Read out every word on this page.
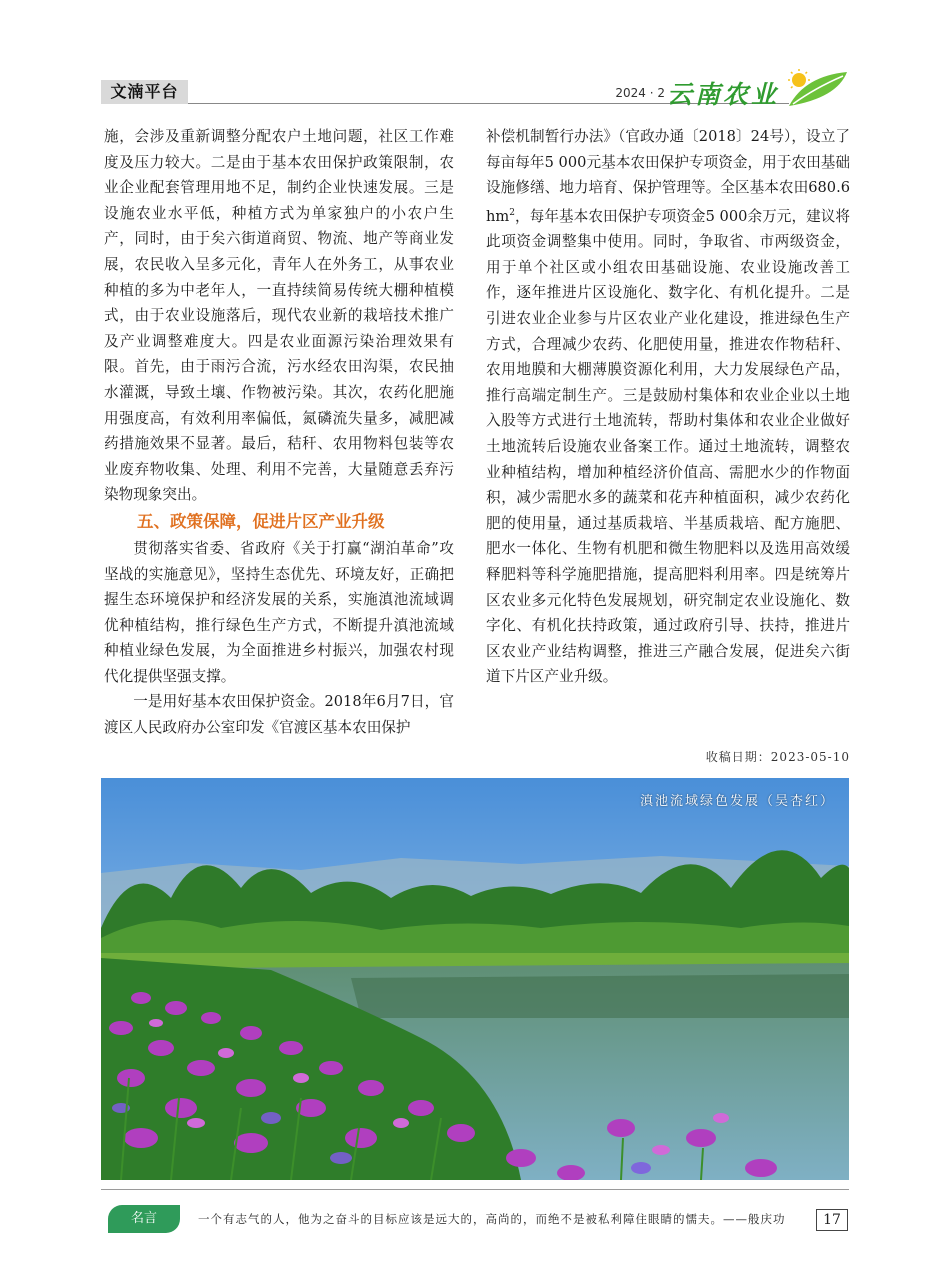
文湳平台	2024 · 2 云南农业

施，会涉及重新调整分配农户土地问题，社区工作难度及压力较大。二是由于基本农田保护政策限制，农业企业配套管理用地不足，制约企业快速发展。三是设施农业水平低，种植方式为单家独户的小农户生产，同时，由于矣六街道商贸、物流、地产等商业发展，农民收入呈多元化，青年人在外务工，从事农业种植的多为中老年人，一直持续简易传统大棚种植模式，由于农业设施落后，现代农业新的栽培技术推广及产业调整难度大。四是农业面源污染治理效果有限。首先，由于雨污合流，污水经农田沟渠，农民抽水灌溉，导致土壤、作物被污染。其次，农药化肥施用强度高，有效利用率偏低，氮磷流失量多，减肥减药措施效果不显著。最后，秸秆、农用物料包装等农业废弃物收集、处理、利用不完善，大量随意丢弃污染物现象突出。

五、政策保障，促进片区产业升级

贯彻落实省委、省政府《关于打赢“湖泊革命”攻坚战的实施意见》，坚持生态优先、环境友好，正确把握生态环境保护和经济发展的关系，实施滇池流域调优种植结构，推行绿色生产方式，不断提升滇池流域种植业绿色发展，为全面推进乡村振兴，加强农村现代化提供坚强支撑。

一是用好基本农田保护资金。2018年6月7日，官渡区人民政府办公室印发《官渡区基本农田保护

补偿机制暂行办法》（官政办通〔2018〕24号），设立了每亩每年5 000元基本农田保护专项资金，用于农田基础设施修缮、地力培育、保护管理等。全区基本农田680.6 $hm^2$，每年基本农田保护专项资金5 000余万元，建议将此项资金调整集中使用。同时，争取省、市两级资金，用于单个社区或小组农田基础设施、农业设施改善工作，逐年推进片区设施化、数字化、有机化提升。二是引进农业企业参与片区农业产业化建设，推进绿色生产方式，合理减少农药、化肥使用量，推进农作物秸秆、农用地膜和大棚薄膜资源化利用，大力发展绿色产品，推行高端定制生产。三是鼓励村集体和农业企业以土地入股等方式进行土地流转，帮助村集体和农业企业做好土地流转后设施农业备案工作。通过土地流转，调整农业种植结构，增加种植经济价值高、需肥水少的作物面积，减少需肥水多的蔬菜和花卉种植面积，减少农药化肥的使用量，通过基质栽培、半基质栽培、配方施肥、肥水一体化、生物有机肥和微生物肥料以及选用高效缓释肥料等科学施肥措施，提高肥料利用率。四是统筹片区农业多元化特色发展规划，研究制定农业设施化、数字化、有机化扶持政策，通过政府引导、扶持，推进片区农业产业结构调整，推进三产融合发展，促进矣六街道下片区产业升级。

收稿日期：2023-05-10
滇池流域绿色发展（吴杏红）
名言	一个有志气的人，他为之奋斗的目标应该是远大的，高尚的，而绝不是被私利障住眼睛的懦夫。——般庆功	17
